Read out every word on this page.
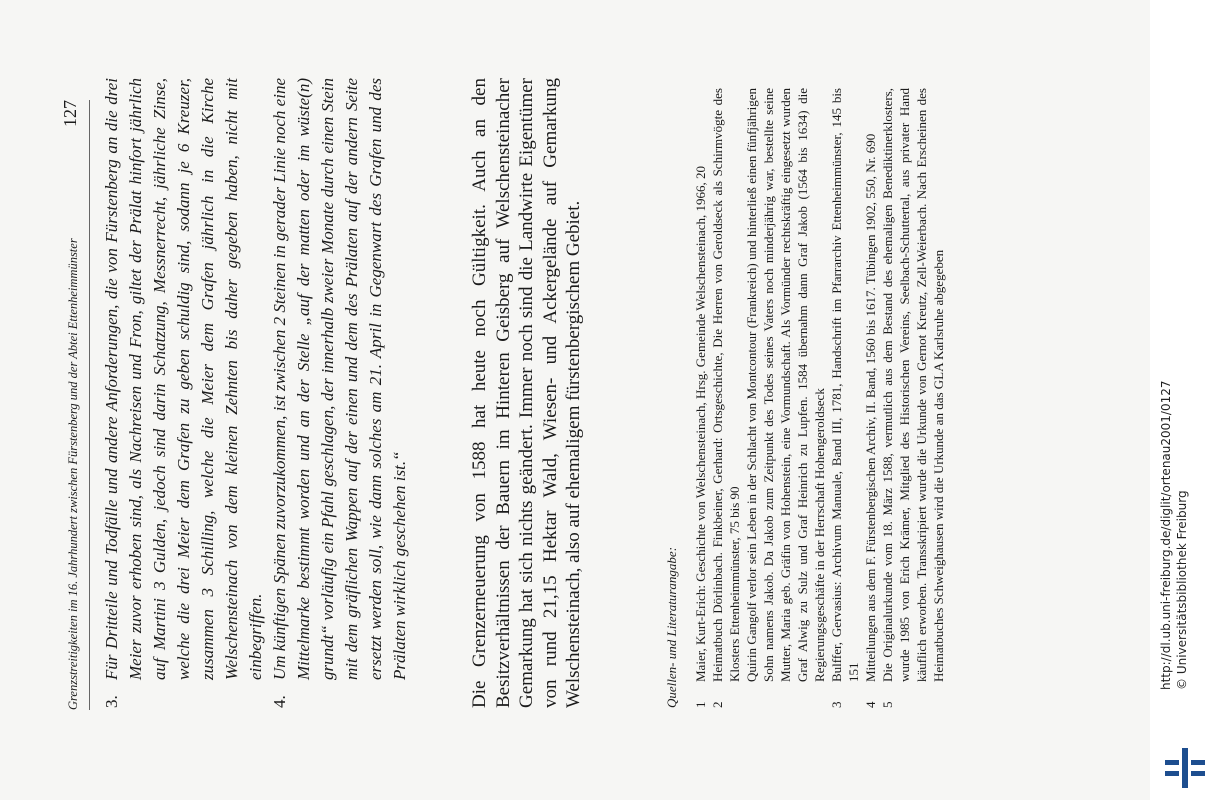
Grenzstreitigkeiten im 16. Jahrhundert zwischen Fürstenberg und der Abtei Ettenheimmünster
127
3.
Für Dritteile und Todfälle und andere Anforderungen, die von Fürstenberg an die drei Meier zuvor erhoben sind, als Nachreisen und Fron, giltet der Prälat hinfort jährlich auf Martini 3 Gulden, jedoch sind darin Schatzung, Messnerrecht, jährliche Zinse, welche die drei Meier dem Grafen zu geben schuldig sind, sodann je 6 Kreuzer, zusammen 3 Schilling, welche die Meier dem Grafen jährlich in die Kirche Welschensteinach von dem kleinen Zehnten bis daher gegeben haben, nicht mit einbegriffen.
4.
Um künftigen Spänen zuvorzukommen, ist zwischen 2 Steinen in gerader Linie noch eine Mittelmarke bestimmt worden und an der Stelle „auf der matten oder im wüste(n) grundt“ vorläufig ein Pfahl geschlagen, der innerhalb zweier Monate durch einen Stein mit dem gräflichen Wappen auf der einen und dem des Prälaten auf der andern Seite ersetzt werden soll, wie dann solches am 21. April in Gegenwart des Grafen und des Prälaten wirklich geschehen ist.“	Die Grenzerneuerung von 1588 hat heute noch Gültigkeit. Auch an den Besitzverhältnissen der Bauern im Hinteren Geisberg auf Welschensteinacher Gemarkung hat sich nichts geändert. Immer noch sind die Landwirte Eigentümer von rund 21,15 Hektar Wald, Wiesen- und Ackergelände auf Gemarkung Welschensteinach, also auf ehemaligem fürstenbergischem Gebiet.	Quellen- und Literaturangabe: 1
Maier, Kurt-Erich: Geschichte von Welschensteinach, Hrsg. Gemeinde Welschensteinach, 1966, 20
2
Heimatbuch Dörlinbach. Finkbeiner, Gerhard: Ortsgeschichte, Die Herren von Geroldseck als Schirmvögte des Klosters Ettenheimmünster, 75 bis 90 Quirin Gangolf verlor sein Leben in der Schlacht von Montcontour (Frankreich) und hinterließ einen fünfjährigen Sohn namens Jakob. Da Jakob zum Zeitpunkt des Todes seines Vaters noch minderjährig war, bestellte seine Mutter, Maria geb. Gräfin von Hohenstein, eine Vormundschaft. Als Vormünder rechtskräftig eingesetzt wurden Graf Alwig zu Sulz und Graf Heinrich zu Lupfen. 1584 übernahm dann Graf Jakob (1564 bis 1634) die Regierungsgeschäfte in der Herrschaft Hohengeroldseck
3
Bulffer, Gervasius: Archivum Manuale, Band III, 1781, Handschrift im Pfarrarchiv Ettenheimmünster, 145 bis 151
4
Mitteilungen aus dem F. Fürstenbergischen Archiv, II. Band, 1560 bis 1617. Tübingen 1902, 550, Nr. 690
5
Die Originalurkunde vom 18. März 1588, vermutlich aus dem Bestand des ehemaligen Benediktinerklosters, wurde 1985 von Erich Krämer, Mitglied des Historischen Vereins, Seelbach-Schuttertal, aus privater Hand käuflich erworben. Transskripiert wurde die Urkunde von Gernot Kreutz, Zell-Weierbach. Nach Erscheinen des Heimatbuches Schweighausen wird die Urkunde an das GLA Karlsruhe abgegeben	http://dl.ub.uni-freiburg.de/diglit/ortenau2001/0127 © Universitätsbibliothek Freiburg
